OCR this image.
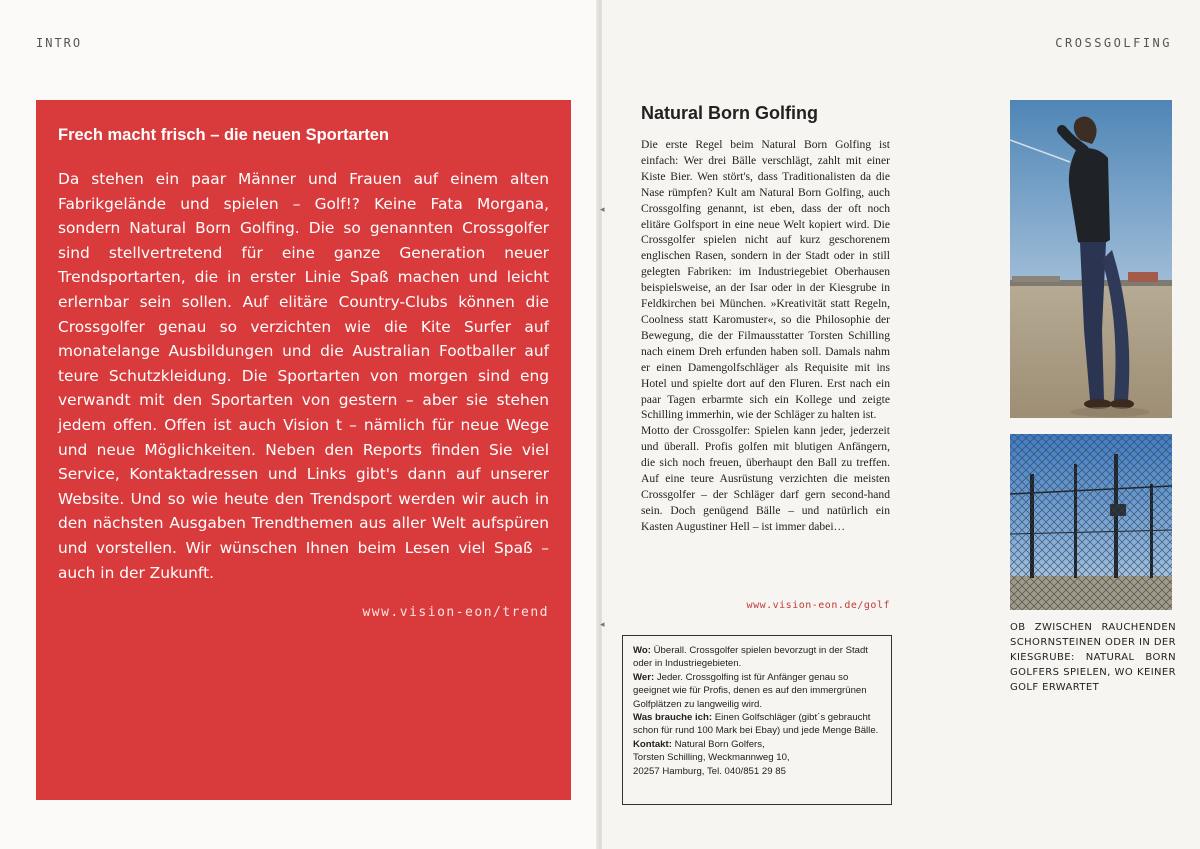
INTRO	CROSSGOLFING
Frech macht frisch – die neuen Sportarten

Da stehen ein paar Männer und Frauen auf einem alten Fabrikgelände und spielen – Golf!? Keine Fata Morgana, sondern Natural Born Golfing. Die so genannten Crossgolfer sind stellvertretend für eine ganze Generation neuer Trendsportarten, die in erster Linie Spaß machen und leicht erlernbar sein sollen. Auf elitäre Country-Clubs können die Crossgolfer genau so verzichten wie die Kite Surfer auf monatelange Ausbildungen und die Australian Footballer auf teure Schutzkleidung. Die Sportarten von morgen sind eng verwandt mit den Sportarten von gestern – aber sie stehen jedem offen. Offen ist auch Vision t – nämlich für neue Wege und neue Möglichkeiten. Neben den Reports finden Sie viel Service, Kontaktadressen und Links gibt's dann auf unserer Website. Und so wie heute den Trendsport werden wir auch in den nächsten Ausgaben Trendthemen aus aller Welt aufspüren und vorstellen. Wir wünschen Ihnen beim Lesen viel Spaß – auch in der Zukunft.

www.vision-eon/trend
Natural Born Golfing

Die erste Regel beim Natural Born Golfing ist einfach: Wer drei Bälle verschlägt, zahlt mit einer Kiste Bier. Wen stört's, dass Traditionalisten da die Nase rümpfen? Kult am Natural Born Golfing, auch Crossgolfing genannt, ist eben, dass der oft noch elitäre Golfsport in eine neue Welt kopiert wird. Die Crossgolfer spielen nicht auf kurz geschorenem englischen Rasen, sondern in der Stadt oder in still gelegten Fabriken: im Industriegebiet Oberhausen beispielsweise, an der Isar oder in der Kiesgrube in Feldkirchen bei München. »Kreativität statt Regeln, Coolness statt Karomuster«, so die Philosophie der Bewegung, die der Filmausstatter Torsten Schilling nach einem Dreh erfunden haben soll. Damals nahm er einen Damengolfschläger als Requisite mit ins Hotel und spielte dort auf den Fluren. Erst nach ein paar Tagen erbarmte sich ein Kollege und zeigte Schilling immerhin, wie der Schläger zu halten ist.

Motto der Crossgolfer: Spielen kann jeder, jederzeit und überall. Profis golfen mit blutigen Anfängern, die sich noch freuen, überhaupt den Ball zu treffen. Auf eine teure Ausrüstung verzichten die meisten Crossgolfer – der Schläger darf gern second-hand sein. Doch genügend Bälle – und natürlich ein Kasten Augustiner Hell – ist immer dabei…

www.vision-eon.de/golf

Wo: Überall. Crossgolfer spielen bevorzugt in der Stadt oder in Industriegebieten.

Wer: Jeder. Crossgolfing ist für Anfänger genau so geeignet wie für Profis, denen es auf den immergrünen Golfplätzen zu langweilig wird.

Was brauche ich: Einen Golfschläger (gibt´s gebraucht schon für rund 100 Mark bei Ebay) und jede Menge Bälle.

Kontakt: Natural Born Golfers,

Torsten Schilling, Weckmannweg 10,

20257 Hamburg, Tel. 040/851 29 85

OB ZWISCHEN RAUCHENDEN SCHORNSTEINEN ODER IN DER KIESGRUBE: NATURAL BORN GOLFERS SPIELEN, WO KEINER GOLF ERWARTET

◂
◂
